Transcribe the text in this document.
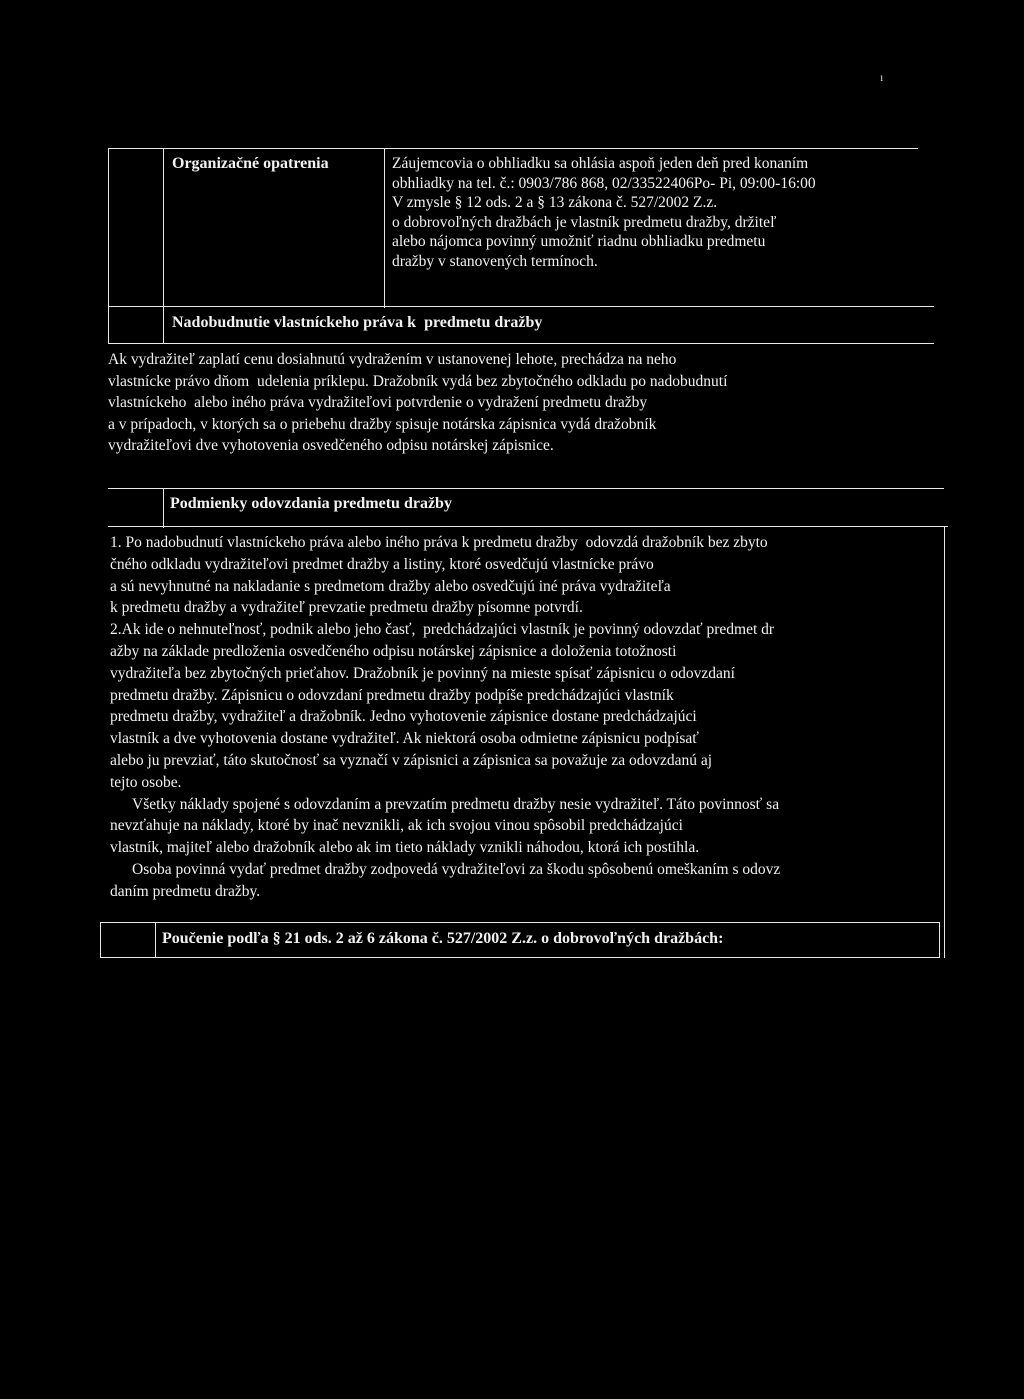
ı

Organizačné opatrenia	Záujemcovia o obhliadku sa ohlásia aspoň jeden deň pred konaním

obhliadky na tel. č.: 0903/786 868, 02/33522406Po- Pi, 09:00-16:00

V zmysle § 12 ods. 2 a § 13 zákona č. 527/2002 Z.z.

o dobrovoľných dražbách je vlastník predmetu dražby, držiteľ

alebo nájomca povinný umožniť riadnu obhliadku predmetu

dražby v stanovených termínoch.

Nadobudnutie vlastníckeho práva k  predmetu dražby

Ak vydražiteľ zaplatí cenu dosiahnutú vydražením v ustanovenej lehote, prechádza na neho

vlastnícke právo dňom  udelenia príklepu. Dražobník vydá bez zbytočného odkladu po nadobudnutí

vlastníckeho  alebo iného práva vydražiteľovi potvrdenie o vydražení predmetu dražby

a v prípadoch, v ktorých sa o priebehu dražby spisuje notárska zápisnica vydá dražobník

vydražiteľovi dve vyhotovenia osvedčeného odpisu notárskej zápisnice.

Podmienky odovzdania predmetu dražby

1. Po nadobudnutí vlastníckeho práva alebo iného práva k predmetu dražby  odovzdá dražobník bez zbyto

čného odkladu vydražiteľovi predmet dražby a listiny, ktoré osvedčujú vlastnícke právo

a sú nevyhnutné na nakladanie s predmetom dražby alebo osvedčujú iné práva vydražiteľa

k predmetu dražby a vydražiteľ prevzatie predmetu dražby písomne potvrdí.

2.Ak ide o nehnuteľnosť, podnik alebo jeho časť,  predchádzajúci vlastník je povinný odovzdať predmet dr

ažby na základe predloženia osvedčeného odpisu notárskej zápisnice a doloženia totožnosti

vydražiteľa bez zbytočných prieťahov. Dražobník je povinný na mieste spísať zápisnicu o odovzdaní

predmetu dražby. Zápisnicu o odovzdaní predmetu dražby podpíše predchádzajúci vlastník

predmetu dražby, vydražiteľ a dražobník. Jedno vyhotovenie zápisnice dostane predchádzajúci

vlastník a dve vyhotovenia dostane vydražiteľ. Ak niektorá osoba odmietne zápisnicu podpísať

alebo ju prevziať, táto skutočnosť sa vyznačí v zápisnici a zápisnica sa považuje za odovzdanú aj

tejto osobe.

Všetky náklady spojené s odovzdaním a prevzatím predmetu dražby nesie vydražiteľ. Táto povinnosť sa

nevzťahuje na náklady, ktoré by inač nevznikli, ak ich svojou vinou spôsobil predchádzajúci

vlastník, majiteľ alebo dražobník alebo ak im tieto náklady vznikli náhodou, ktorá ich postihla.

Osoba povinná vydať predmet dražby zodpovedá vydražiteľovi za škodu spôsobenú omeškaním s odovz

daním predmetu dražby.

Poučenie podľa § 21 ods. 2 až 6 zákona č. 527/2002 Z.z. o dobrovoľných dražbách:
